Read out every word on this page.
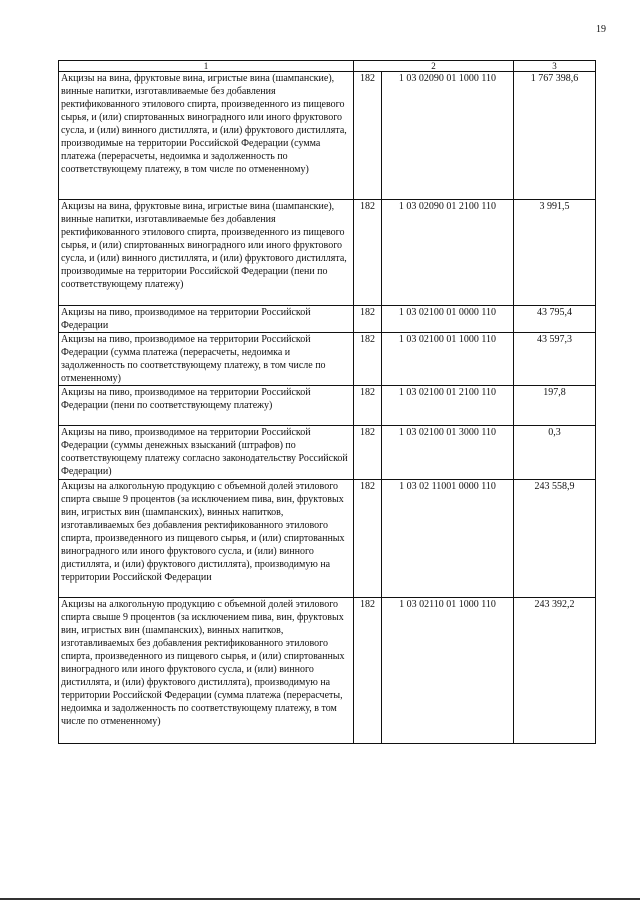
19
1	2		3
Акцизы на вина, фруктовые вина, игристые вина (шампанские), винные напитки, изготавливаемые без добавления ректификованного этилового спирта, произведенного из пищевого сырья, и (или) спиртованных виноградного или иного фруктового сусла, и (или) винного дистиллята, и (или) фруктового дистиллята, производимые на территории Российской Федерации (сумма платежа (перерасчеты, недоимка и задолженность по соответствующему платежу, в том числе по отмененному)	182	1 03 02090 01 1000 110	1 767 398,6
Акцизы на вина, фруктовые вина, игристые вина (шампанские), винные напитки, изготавливаемые без добавления ректификованного этилового спирта, произведенного из пищевого сырья, и (или) спиртованных виноградного или иного фруктового сусла, и (или) винного дистиллята, и (или) фруктового дистиллята, производимые на территории Российской Федерации (пени по соответствующему платежу)	182	1 03 02090 01 2100 110	3 991,5
Акцизы на пиво, производимое на территории Российской Федерации	182	1 03 02100 01 0000 110	43 795,4
Акцизы на пиво, производимое на территории Российской Федерации (сумма платежа (перерасчеты, недоимка и задолженность по соответствующему платежу, в том числе по отмененному)	182	1 03 02100 01 1000 110	43 597,3
Акцизы на пиво, производимое на территории Российской Федерации (пени по соответствующему платежу)	182	1 03 02100 01 2100 110	197,8
Акцизы на пиво, производимое на территории Российской Федерации (суммы денежных взысканий (штрафов) по соответствующему платежу согласно законодательству Российской Федерации)	182	1 03 02100 01 3000 110	0,3
Акцизы на алкогольную продукцию с объемной долей этилового спирта свыше 9 процентов (за исключением пива, вин, фруктовых вин, игристых вин (шампанских), винных напитков, изготавливаемых без добавления ректификованного этилового спирта, произведенного из пищевого сырья, и (или) спиртованных виноградного или иного фруктового сусла, и (или) винного дистиллята, и (или) фруктового дистиллята), производимую на территории Российской Федерации	182	1 03 02 11001 0000 110	243 558,9
Акцизы на алкогольную продукцию с объемной долей этилового спирта свыше 9 процентов (за исключением пива, вин, фруктовых вин, игристых вин (шампанских), винных напитков, изготавливаемых без добавления ректификованного этилового спирта, произведенного из пищевого сырья, и (или) спиртованных виноградного или иного фруктового сусла, и (или) винного дистиллята, и (или) фруктового дистиллята), производимую на территории Российской Федерации (сумма платежа (перерасчеты, недоимка и задолженность по соответствующему платежу, в том числе по отмененному)	182	1 03 02110 01 1000 110	243 392,2
